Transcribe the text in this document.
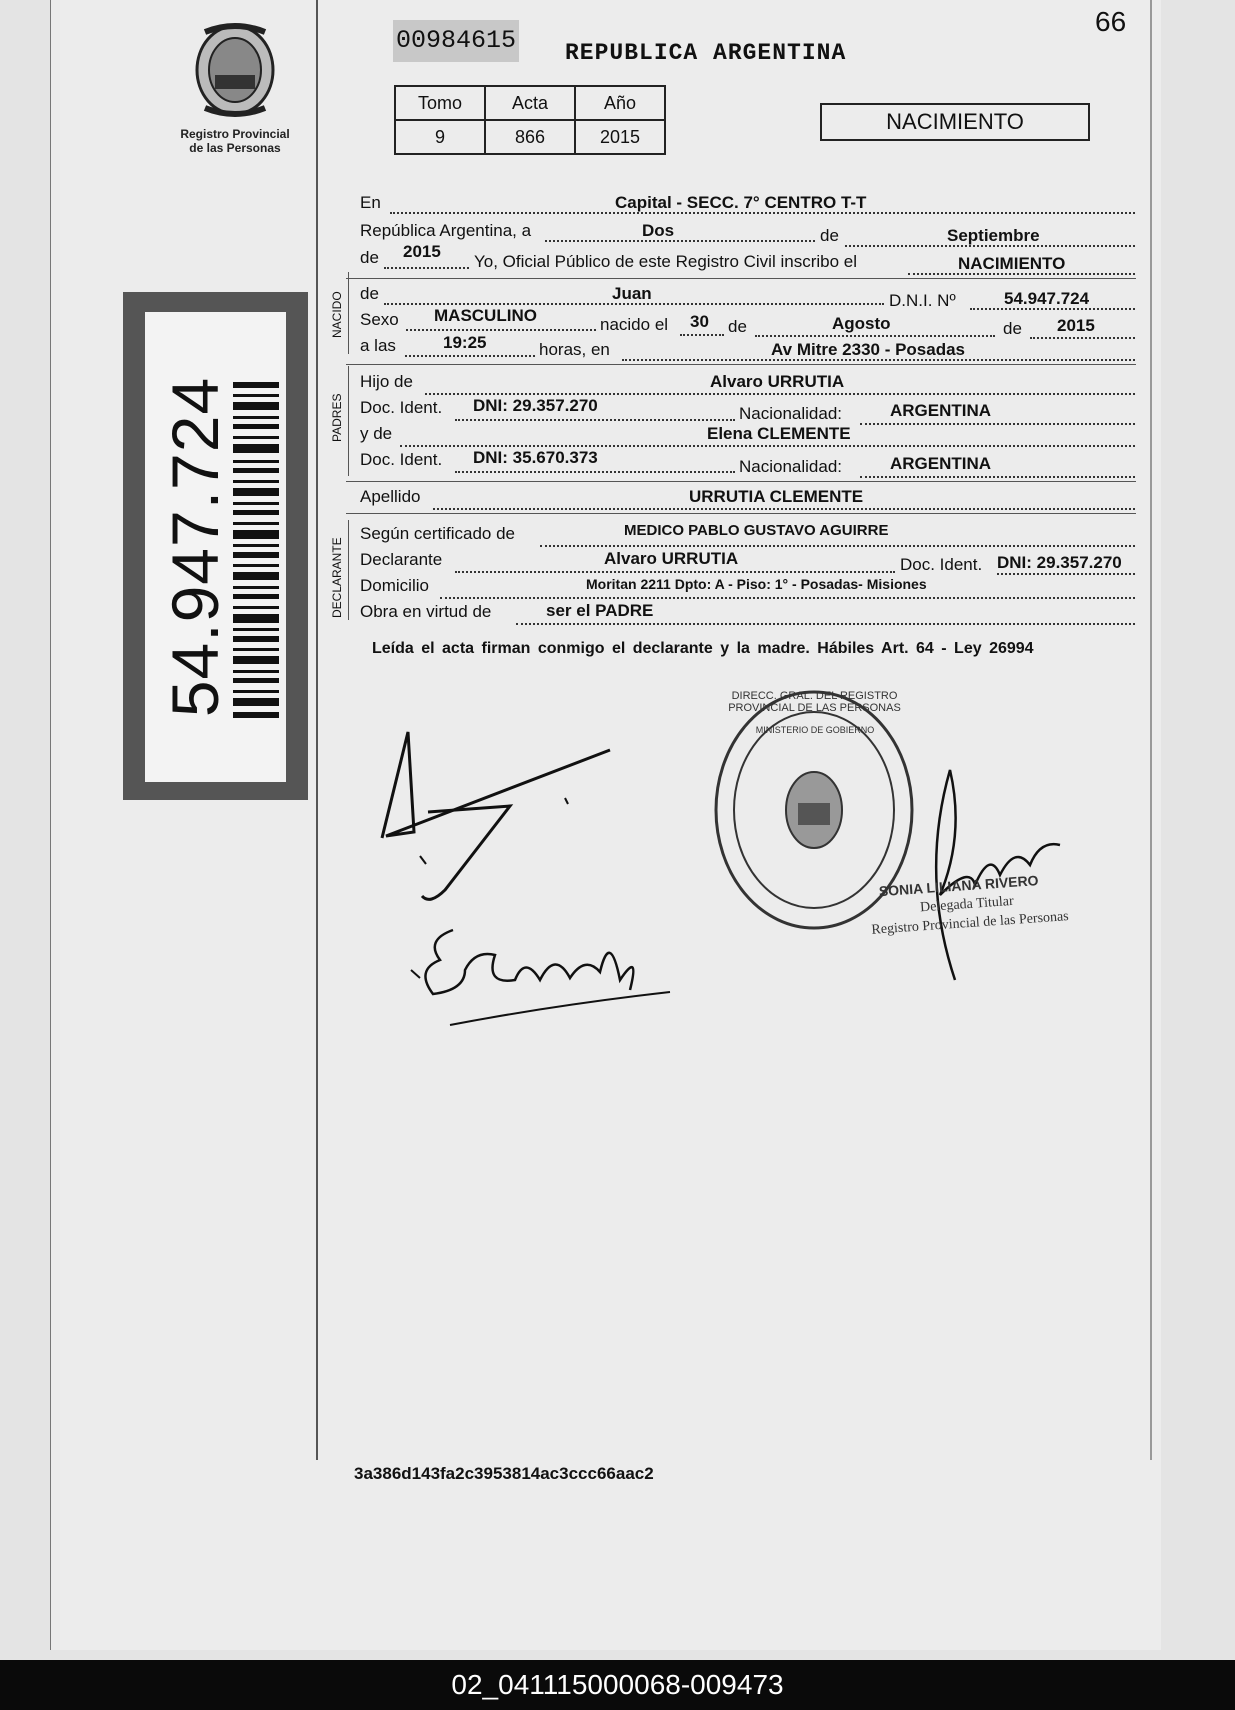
Registro Provincial
de las Personas
54.947.724
00984615 REPUBLICA ARGENTINA
66
Tomo	Acta	Año
9	866	2015
NACIMIENTO
En	Capital - SECC. 7° CENTRO T-T
República Argentina, a	Dos	de	Septiembre
de 2015
Yo, Oficial Público de este Registro Civil inscribo el	NACIMIENTO
NACIDO de	Juan	D.N.I. Nº	54.947.724
Sexo MASCULINO	nacido el 30 de	Agosto	de 2015
a las	19:25	horas, en	Av Mitre 2330 - Posadas
PADRES
Hijo de	Alvaro URRUTIA
Doc. Ident. DNI: 29.357.270	Nacionalidad:	ARGENTINA
y de	Elena CLEMENTE
Doc. Ident. DNI: 35.670.373	Nacionalidad:	ARGENTINA
Apellido	URRUTIA CLEMENTE
DECLARANTE
Según certificado de	MEDICO PABLO GUSTAVO AGUIRRE
Declarante	Alvaro URRUTIA	Doc. Ident. DNI: 29.357.270
Domicilio	Moritan 2211 Dpto: A - Piso: 1° - Posadas- Misiones
Obra en virtud de	ser el PADRE
Leída el acta firman conmigo el declarante y la madre. Hábiles Art. 64 - Ley 26994
DIRECC. GRAL. DEL REGISTRO PROVINCIAL DE LAS PERSONAS
MINISTERIO DE GOBIERNO
SONIA LILIANA RIVERO
Delegada Titular
Registro Provincial de las Personas
3a386d143fa2c3953814ac3ccc66aac2
02_041115000068-009473
